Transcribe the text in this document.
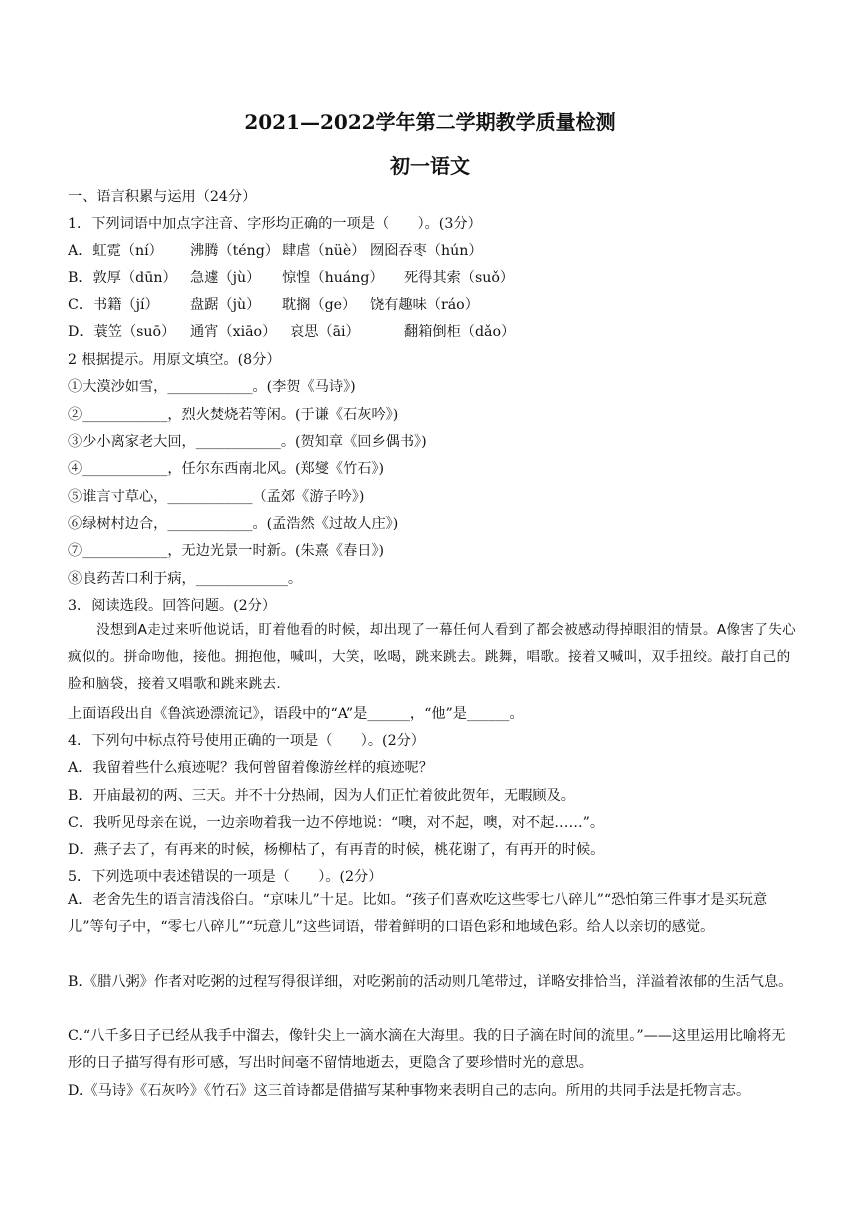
2021—2022学年第二学期教学质量检测
初一语文
一、语言积累与运用（24分）
1．下列词语中加点字注音、字形均正确的一项是（　　）。(3分）
A．虹霓（ní） 沸腾（téng） 肆虐（nüè） 囫囵吞枣（hún）
B．敦厚（dūn） 急遽（jù） 惊惶（huáng） 死得其索（suǒ）
C．书籍（jí） 盘踞（jù） 耽搁（ge） 饶有趣味（ráo）
D．蓑笠（suō） 通宵（xiāo） 哀思（āi）	翻箱倒柜（dǎo）
2 根据提示。用原文填空。(8分）
①大漠沙如雪，____________。(李贺《马诗》)
②____________，烈火焚烧若等闲。(于谦《石灰吟》)
③少小离家老大回，____________。(贺知章《回乡偶书》)
④____________，任尔东西南北风。(郑燮《竹石》)
⑤谁言寸草心，____________（孟郊《游子吟》)
⑥绿树村边合，____________。(孟浩然《过故人庄》)
⑦____________，无边光景一时新。(朱熹《春日》)
⑧良药苦口利于病，_____________。
3．阅读选段。回答问题。(2分）
没想到A走过来听他说话，盯着他看的时候，却出现了一幕任何人看到了都会被感动得掉眼泪的情景。A像害了失心疯似的。拼命吻他，接他。拥抱他，喊叫，大笑，吆喝，跳来跳去。跳舞，唱歌。接着又喊叫，双手扭绞。敲打自己的脸和脑袋，接着又唱歌和跳来跳去.
上面语段出自《鲁滨逊漂流记》，语段中的“A”是______，“他”是______。
4．下列句中标点符号使用正确的一项是（　　）。(2分）
A．我留着些什么痕迹呢？我何曾留着像游丝样的痕迹呢？
B．开庙最初的两、三天。并不十分热闹，因为人们正忙着彼此贺年，无暇顾及。
C．我听见母亲在说，一边亲吻着我一边不停地说：“噢，对不起，噢，对不起……”。
D．燕子去了，有再来的时候，杨柳枯了，有再青的时候，桃花谢了，有再开的时候。
5．下列选项中表述错误的一项是（　　）。(2分）
A．老舍先生的语言清浅俗白。“京味儿”十足。比如。“孩子们喜欢吃这些零七八碎儿”“恐怕第三件事才是买玩意儿”等句子中，“零七八碎儿”“玩意儿”这些词语，带着鲜明的口语色彩和地域色彩。给人以亲切的感觉。
B.《腊八粥》作者对吃粥的过程写得很详细，对吃粥前的活动则几笔带过，详略安排恰当，洋溢着浓郁的生活气息。
C.“八千多日子已经从我手中溜去，像针尖上一滴水滴在大海里。我的日子滴在时间的流里。”——这里运用比喻将无形的日子描写得有形可感，写出时间毫不留情地逝去，更隐含了要珍惜时光的意思。
D.《马诗》《石灰吟》《竹石》这三首诗都是借描写某种事物来表明自己的志向。所用的共同手法是托物言志。
